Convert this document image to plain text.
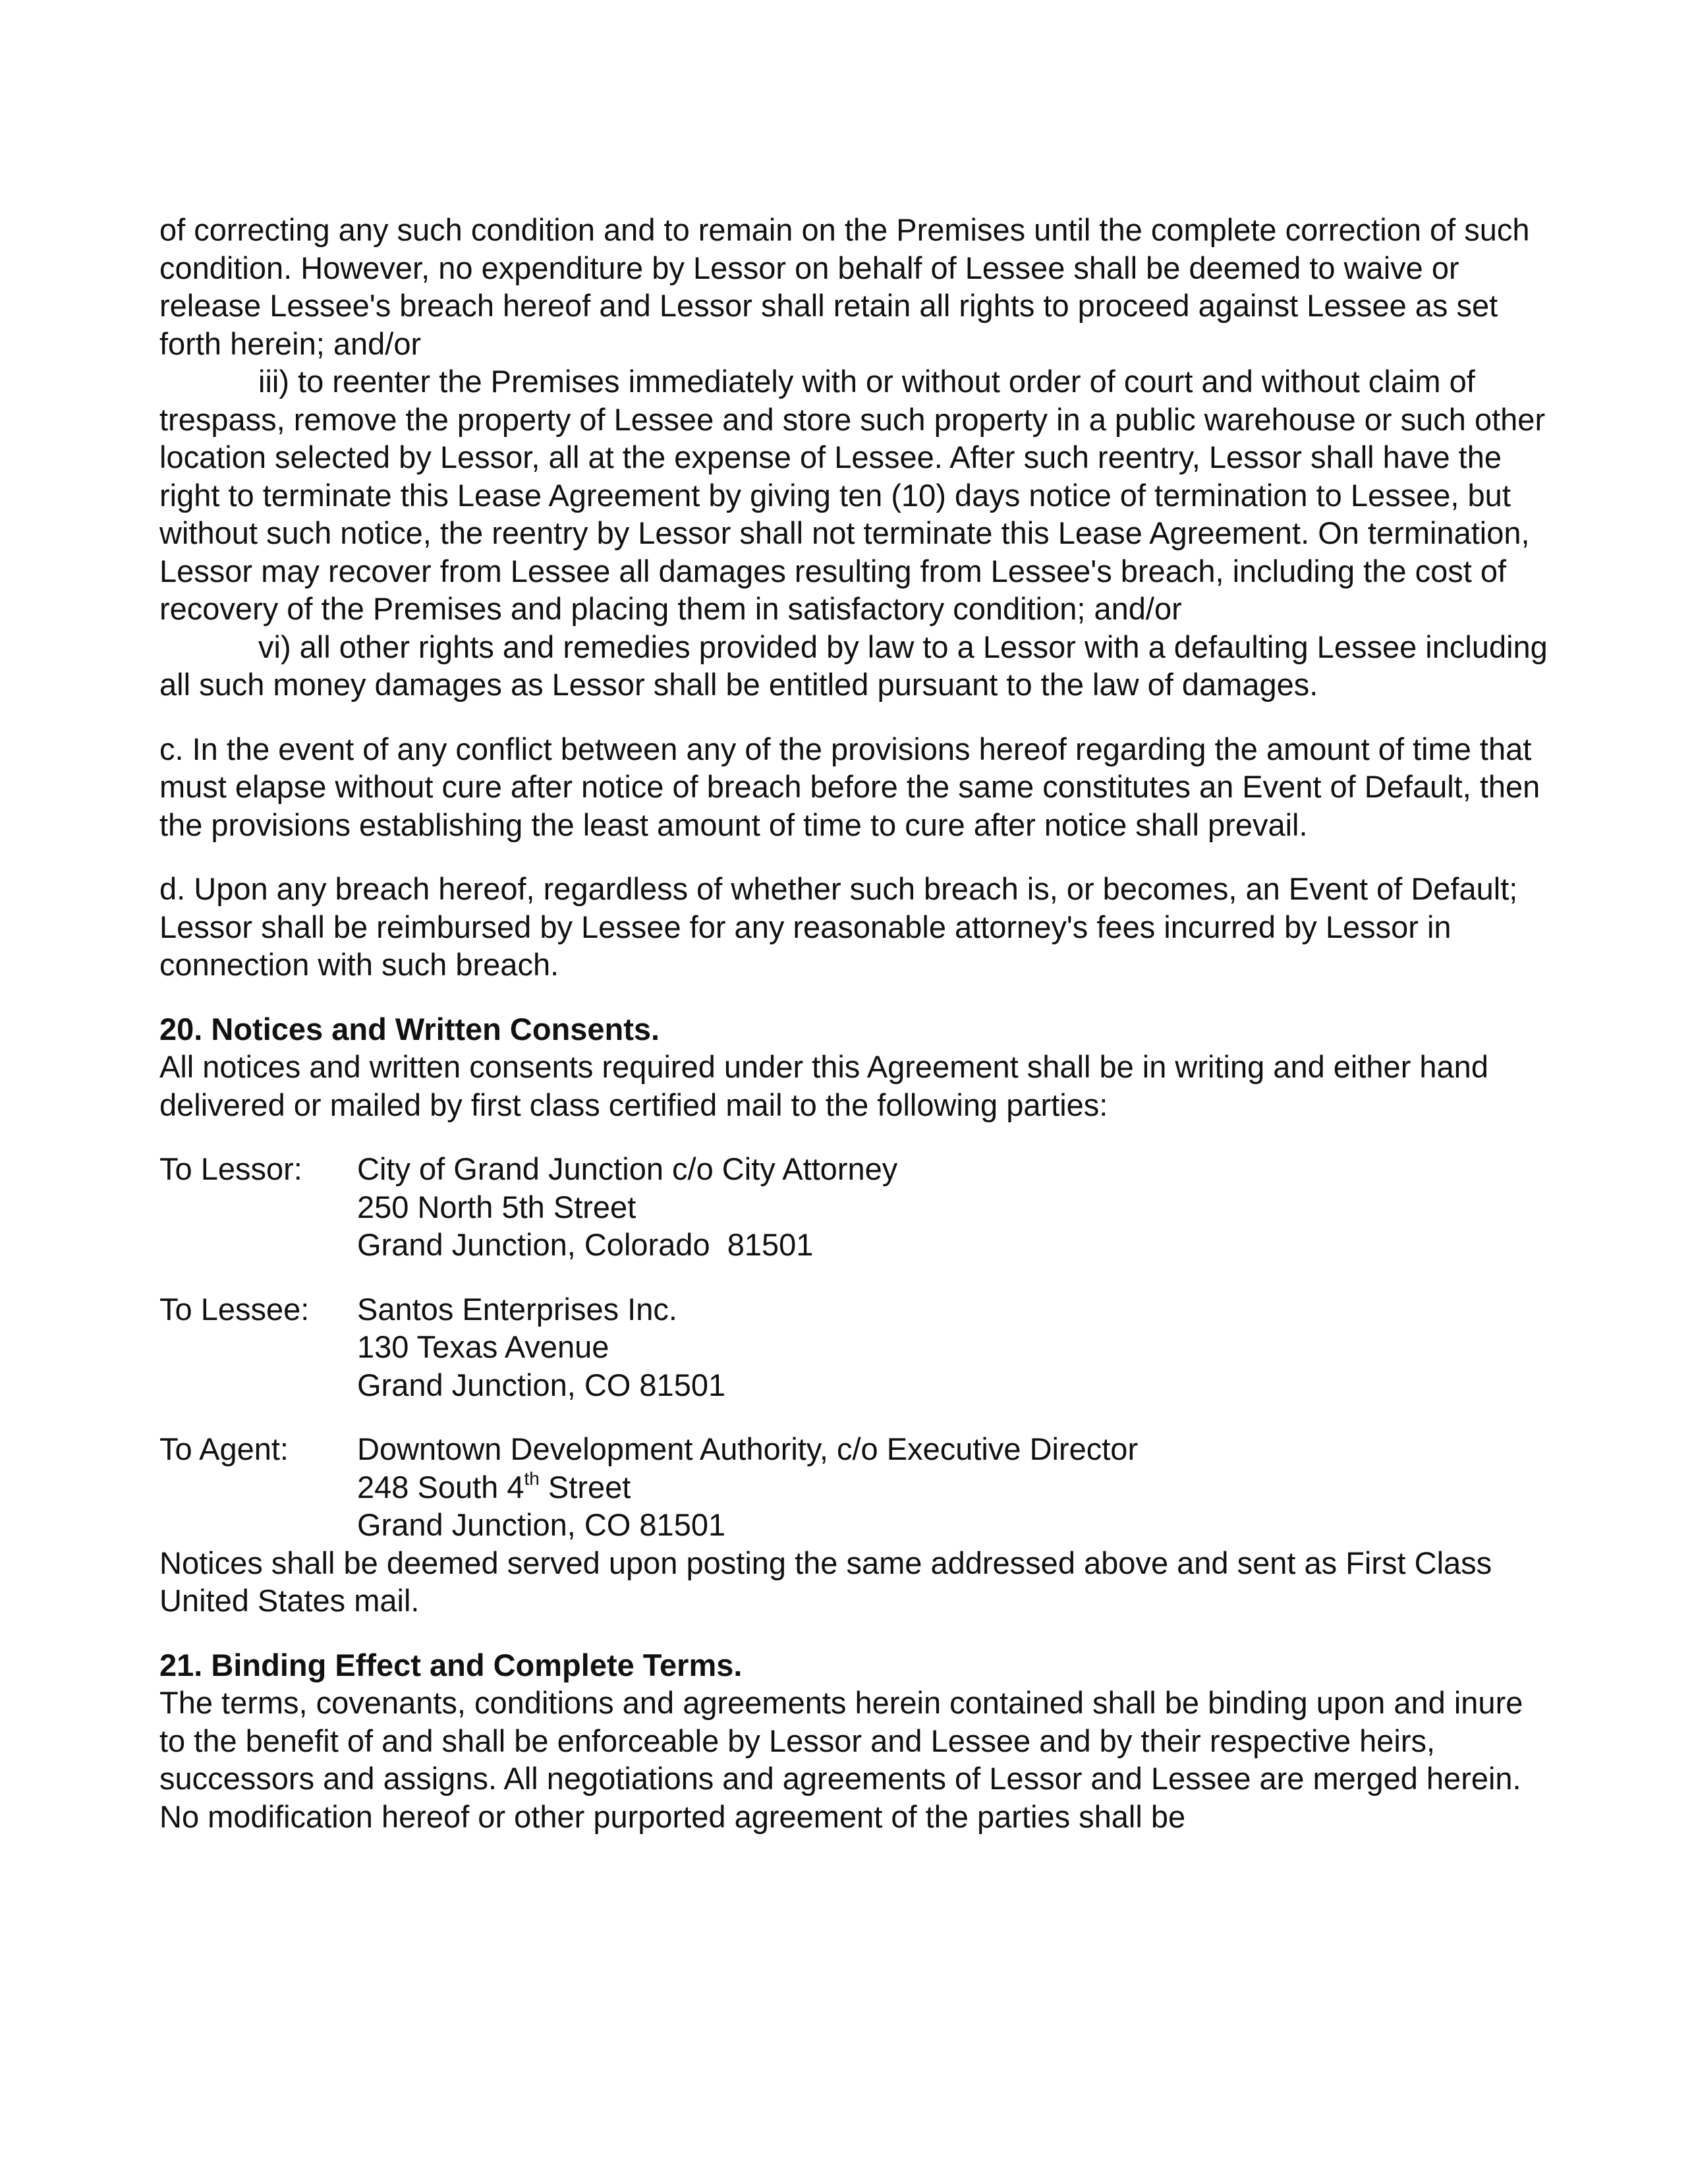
of correcting any such condition and to remain on the Premises until the complete correction of such condition. However, no expenditure by Lessor on behalf of Lessee shall be deemed to waive or release Lessee's breach hereof and Lessor shall retain all rights to proceed against Lessee as set forth herein; and/or

iii) to reenter the Premises immediately with or without order of court and without claim of trespass, remove the property of Lessee and store such property in a public warehouse or such other location selected by Lessor, all at the expense of Lessee. After such reentry, Lessor shall have the right to terminate this Lease Agreement by giving ten (10) days notice of termination to Lessee, but without such notice, the reentry by Lessor shall not terminate this Lease Agreement. On termination, Lessor may recover from Lessee all damages resulting from Lessee's breach, including the cost of recovery of the Premises and placing them in satisfactory condition; and/or

vi) all other rights and remedies provided by law to a Lessor with a defaulting Lessee including all such money damages as Lessor shall be entitled pursuant to the law of damages.

c. In the event of any conflict between any of the provisions hereof regarding the amount of time that must elapse without cure after notice of breach before the same constitutes an Event of Default, then the provisions establishing the least amount of time to cure after notice shall prevail.

d. Upon any breach hereof, regardless of whether such breach is, or becomes, an Event of Default; Lessor shall be reimbursed by Lessee for any reasonable attorney's fees incurred by Lessor in connection with such breach.

20. Notices and Written Consents.

All notices and written consents required under this Agreement shall be in writing and either hand delivered or mailed by first class certified mail to the following parties:

To Lessor:	City of Grand Junction c/o City Attorney
250 North 5th Street
Grand Junction, Colorado  81501
To Lessee:	Santos Enterprises Inc.
130 Texas Avenue
Grand Junction, CO 81501
To Agent:	Downtown Development Authority, c/o Executive Director
248 South 4th Street
Grand Junction, CO 81501

Notices shall be deemed served upon posting the same addressed above and sent as First Class United States mail.

21. Binding Effect and Complete Terms.

The terms, covenants, conditions and agreements herein contained shall be binding upon and inure to the benefit of and shall be enforceable by Lessor and Lessee and by their respective heirs, successors and assigns. All negotiations and agreements of Lessor and Lessee are merged herein. No modification hereof or other purported agreement of the parties shall be
